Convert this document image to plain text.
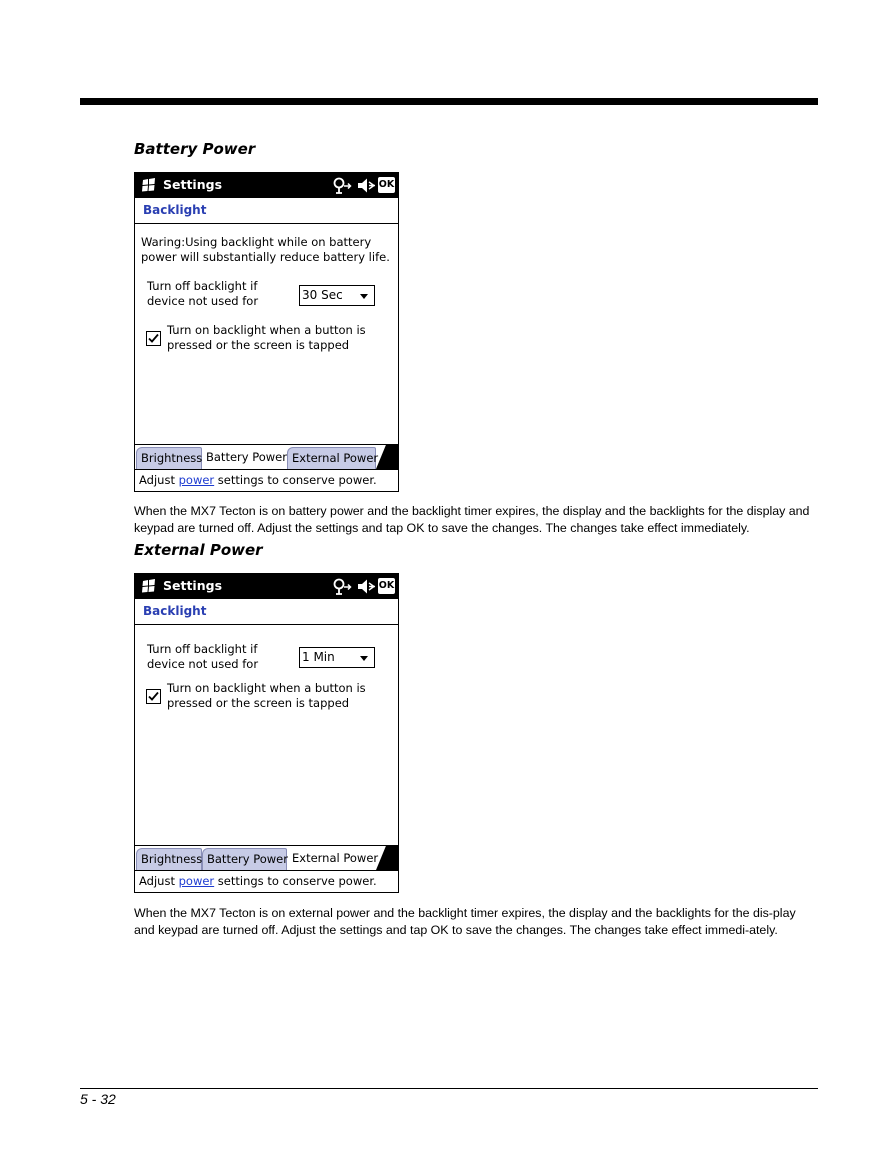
Battery Power
Settings	OK
Backlight
Waring:Using backlight while on battery power will substantially reduce battery life.
Turn off backlight if device not used for	30 Sec
Turn on backlight when a button is pressed or the screen is tapped
Brightness Battery Power External Power
Adjust power settings to conserve power.

When the MX7 Tecton is on battery power and the backlight timer expires, the display and the backlights for the display and keypad are turned off. Adjust the settings and tap OK to save the changes. The changes take effect immediately.

External Power
Settings	OK
Backlight
Turn off backlight if device not used for	1 Min
Turn on backlight when a button is pressed or the screen is tapped
Brightness Battery Power External Power
Adjust power settings to conserve power.

When the MX7 Tecton is on external power and the backlight timer expires, the display and the backlights for the dis-play and keypad are turned off. Adjust the settings and tap OK to save the changes. The changes take effect immedi-ately.

5 - 32
